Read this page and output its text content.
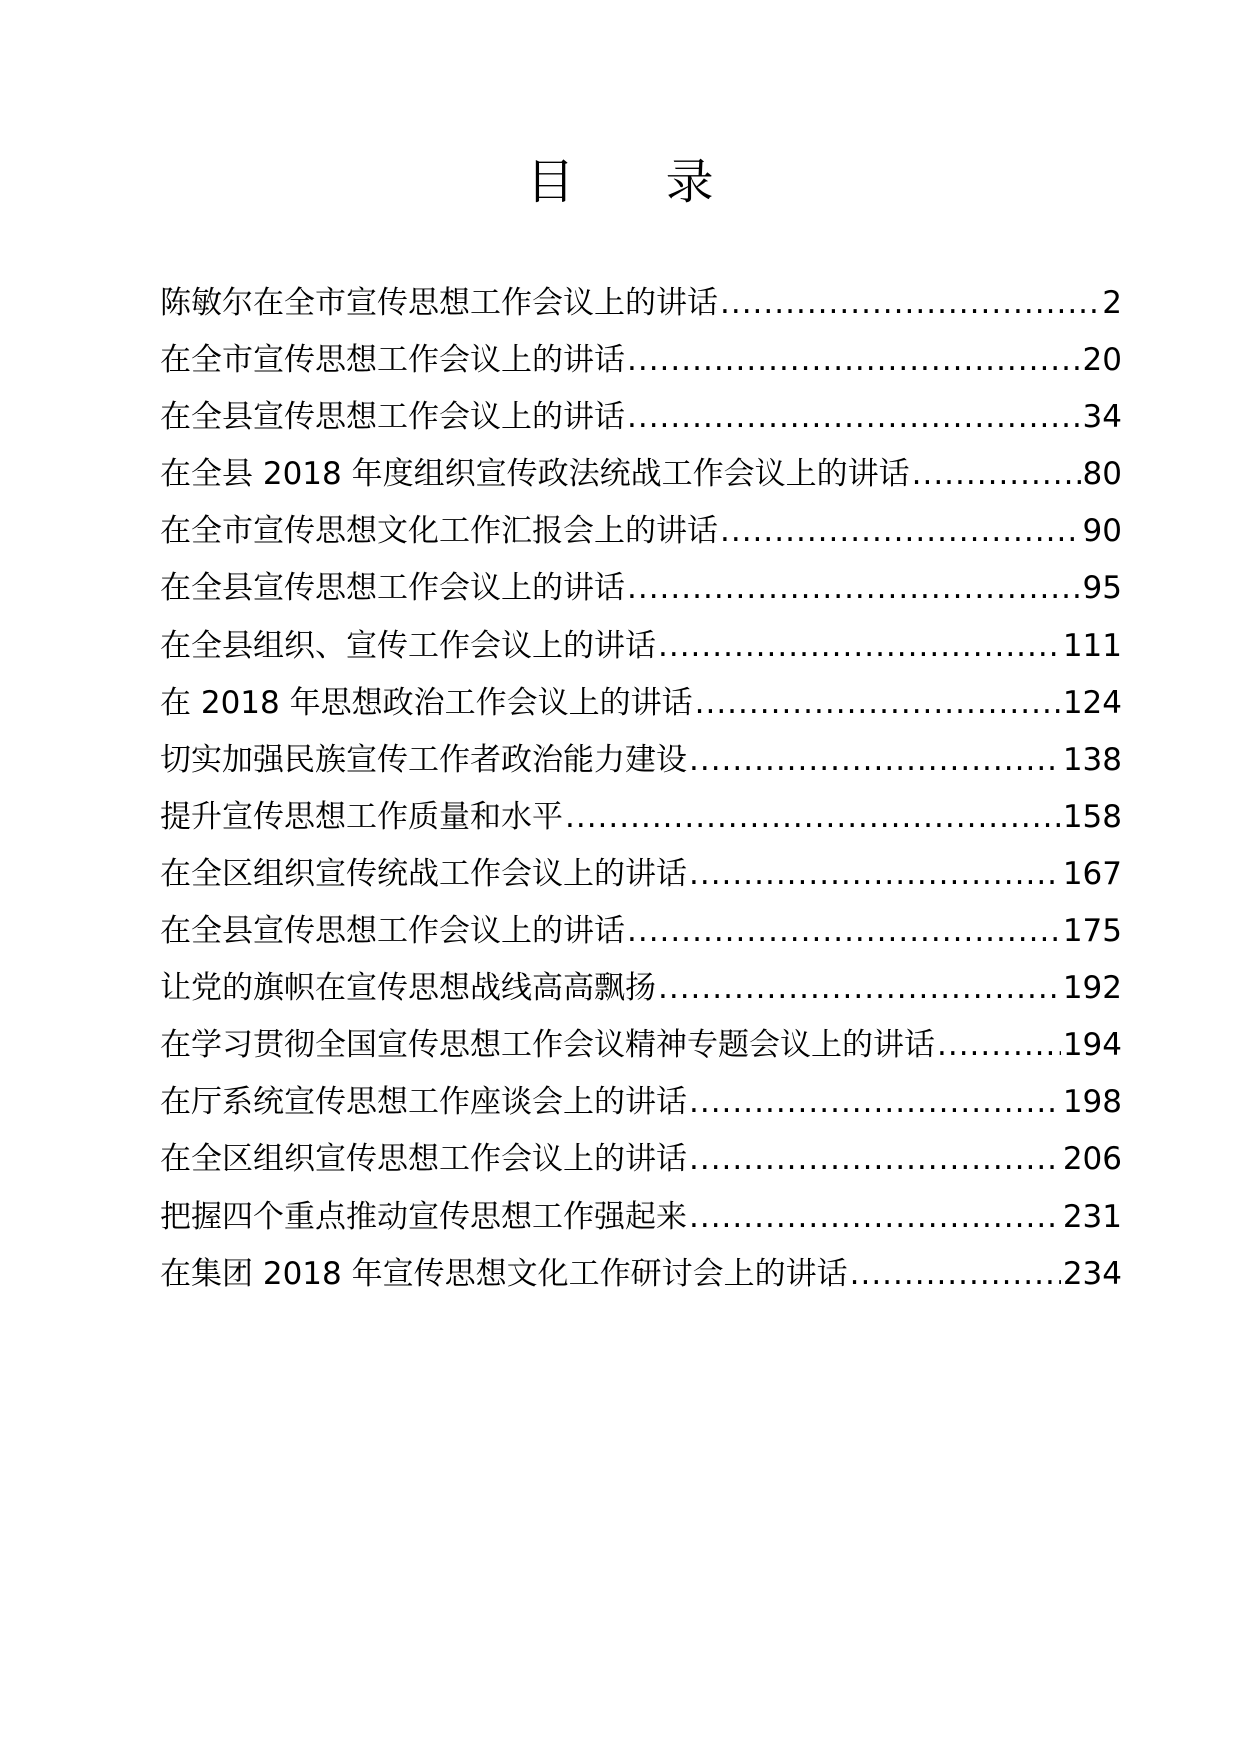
目 录
陈敏尔在全市宣传思想工作会议上的讲话 .....	2
在全市宣传思想工作会议上的讲话 .....	20
在全县宣传思想工作会议上的讲话 .....	34
在全县 2018 年度组织宣传政法统战工作会议上的讲话 .....	80
在全市宣传思想文化工作汇报会上的讲话 .....	90
在全县宣传思想工作会议上的讲话 .....	95
在全县组织、宣传工作会议上的讲话 .....	111
在 2018 年思想政治工作会议上的讲话 .....	124
切实加强民族宣传工作者政治能力建设 .....	138
提升宣传思想工作质量和水平 .....	158
在全区组织宣传统战工作会议上的讲话 .....	167
在全县宣传思想工作会议上的讲话 .....	175
让党的旗帜在宣传思想战线高高飘扬 .....	192
在学习贯彻全国宣传思想工作会议精神专题会议上的讲话 .....	194
在厅系统宣传思想工作座谈会上的讲话 .....	198
在全区组织宣传思想工作会议上的讲话 .....	206
把握四个重点推动宣传思想工作强起来 .....	231
在集团 2018 年宣传思想文化工作研讨会上的讲话 .....	234
